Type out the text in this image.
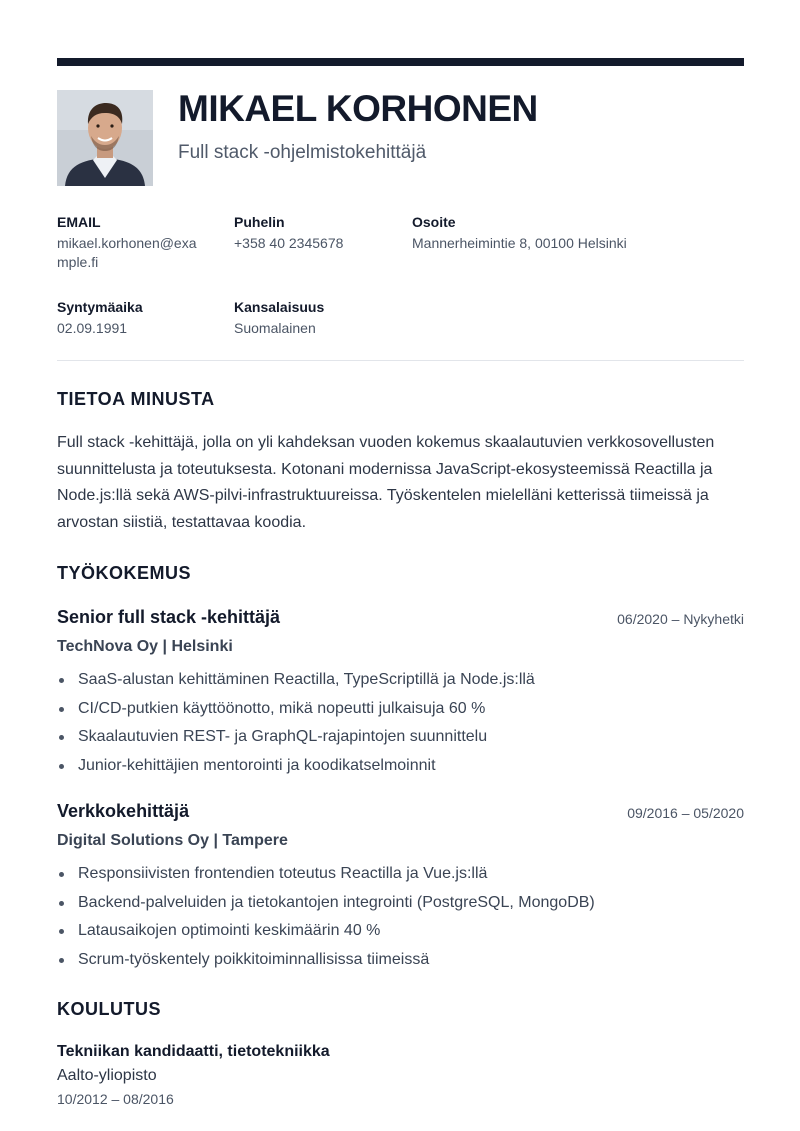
MIKAEL KORHONEN
Full stack -ohjelmistokehittäjä
EMAIL
mikael.korhonen@exa
mple.fi
Puhelin
+358 40 2345678
Osoite
Mannerheimintie 8, 00100 Helsinki
Syntymäaika
02.09.1991
Kansalaisuus
Suomalainen
TIETOA MINUSTA
Full stack -kehittäjä, jolla on yli kahdeksan vuoden kokemus skaalautuvien verkkosovellusten suunnittelusta ja toteutuksesta. Kotonani modernissa JavaScript-ekosysteemissä Reactilla ja Node.js:llä sekä AWS-pilvi-infrastruktuureissa. Työskentelen mielelläni ketterissä tiimeissä ja arvostan siistiä, testattavaa koodia.
TYÖKOKEMUS
Senior full stack -kehittäjä	06/2020 – Nykyhetki
TechNova Oy | Helsinki
SaaS-alustan kehittäminen Reactilla, TypeScriptillä ja Node.js:llä
CI/CD-putkien käyttöönotto, mikä nopeutti julkaisuja 60 %
Skaalautuvien REST- ja GraphQL-rajapintojen suunnittelu
Junior-kehittäjien mentorointi ja koodikatselmoinnit
Verkkokehittäjä	09/2016 – 05/2020
Digital Solutions Oy | Tampere
Responsiivisten frontendien toteutus Reactilla ja Vue.js:llä
Backend-palveluiden ja tietokantojen integrointi (PostgreSQL, MongoDB)
Latausaikojen optimointi keskimäärin 40 %
Scrum-työskentely poikkitoiminnallisissa tiimeissä
KOULUTUS
Tekniikan kandidaatti, tietotekniikka
Aalto-yliopisto
10/2012 – 08/2016
